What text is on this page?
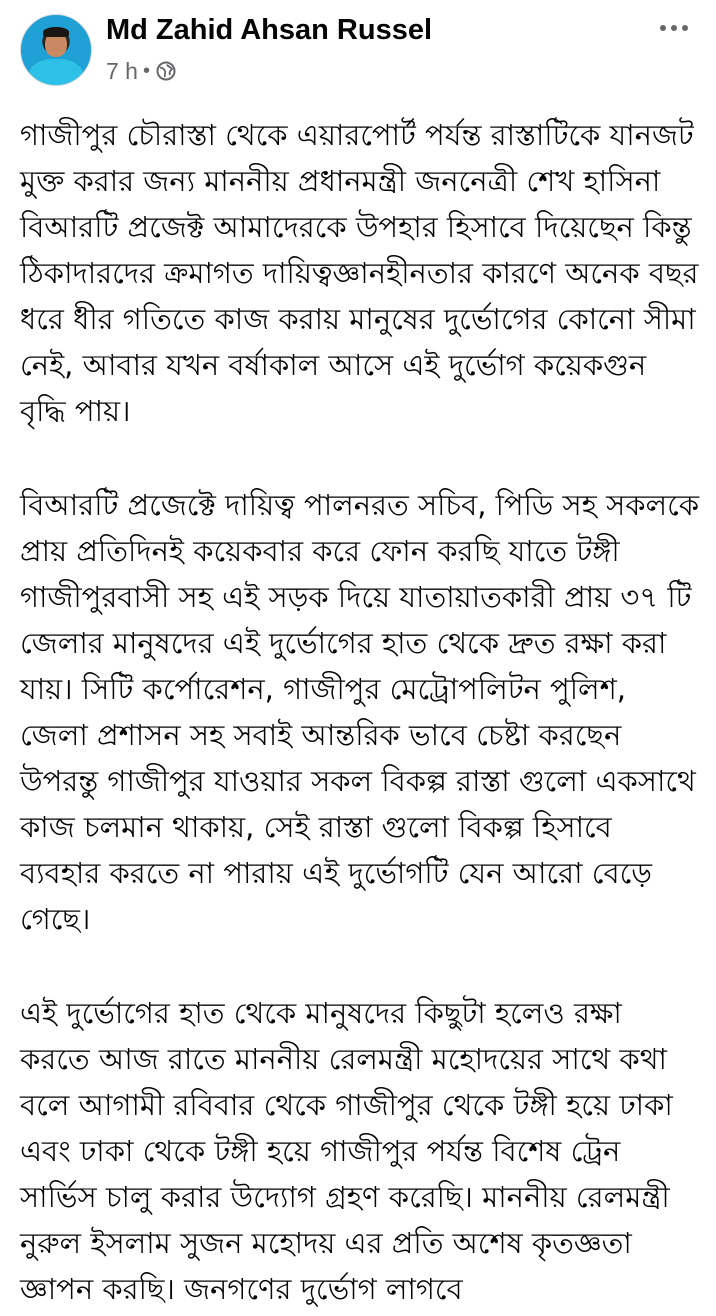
Md Zahid Ahsan Russel
7 h •

গাজীপুর চৌরাস্তা থেকে এয়ারপোর্ট পর্যন্ত রাস্তাটিকে যানজট মুক্ত করার জন্য মাননীয় প্রধানমন্ত্রী জননেত্রী শেখ হাসিনা বিআরটি প্রজেক্ট আমাদেরকে উপহার হিসাবে দিয়েছেন কিন্তু ঠিকাদারদের ক্রমাগত দায়িত্বজ্ঞানহীনতার কারণে অনেক বছর ধরে ধীর গতিতে কাজ করায় মানুষের দুর্ভোগের কোনো সীমা নেই, আবার যখন বর্ষাকাল আসে এই দুর্ভোগ কয়েকগুন বৃদ্ধি পায়।

বিআরটি প্রজেক্টে দায়িত্ব পালনরত সচিব, পিডি সহ সকলকে প্রায় প্রতিদিনই কয়েকবার করে ফোন করছি যাতে টঙ্গী গাজীপুরবাসী সহ এই সড়ক দিয়ে যাতায়াতকারী প্রায় ৩৭ টি জেলার মানুষদের এই দুর্ভোগের হাত থেকে দ্রুত রক্ষা করা যায়। সিটি কর্পোরেশন, গাজীপুর মেট্রোপলিটন পুলিশ, জেলা প্রশাসন সহ সবাই আন্তরিক ভাবে চেষ্টা করছেন উপরন্তু গাজীপুর যাওয়ার সকল বিকল্প রাস্তা গুলো একসাথে কাজ চলমান থাকায়, সেই রাস্তা গুলো বিকল্প হিসাবে ব্যবহার করতে না পারায় এই দুর্ভোগটি যেন আরো বেড়ে গেছে।

এই দুর্ভোগের হাত থেকে মানুষদের কিছুটা হলেও রক্ষা করতে আজ রাতে মাননীয় রেলমন্ত্রী মহোদয়ের সাথে কথা বলে আগামী রবিবার থেকে গাজীপুর থেকে টঙ্গী হয়ে ঢাকা এবং ঢাকা থেকে টঙ্গী হয়ে গাজীপুর পর্যন্ত বিশেষ ট্রেন সার্ভিস চালু করার উদ্যোগ গ্রহণ করেছি। মাননীয় রেলমন্ত্রী নুরুল ইসলাম সুজন মহোদয় এর প্রতি অশেষ কৃতজ্ঞতা জ্ঞাপন করছি। জনগণের দুর্ভোগ লাগবে
